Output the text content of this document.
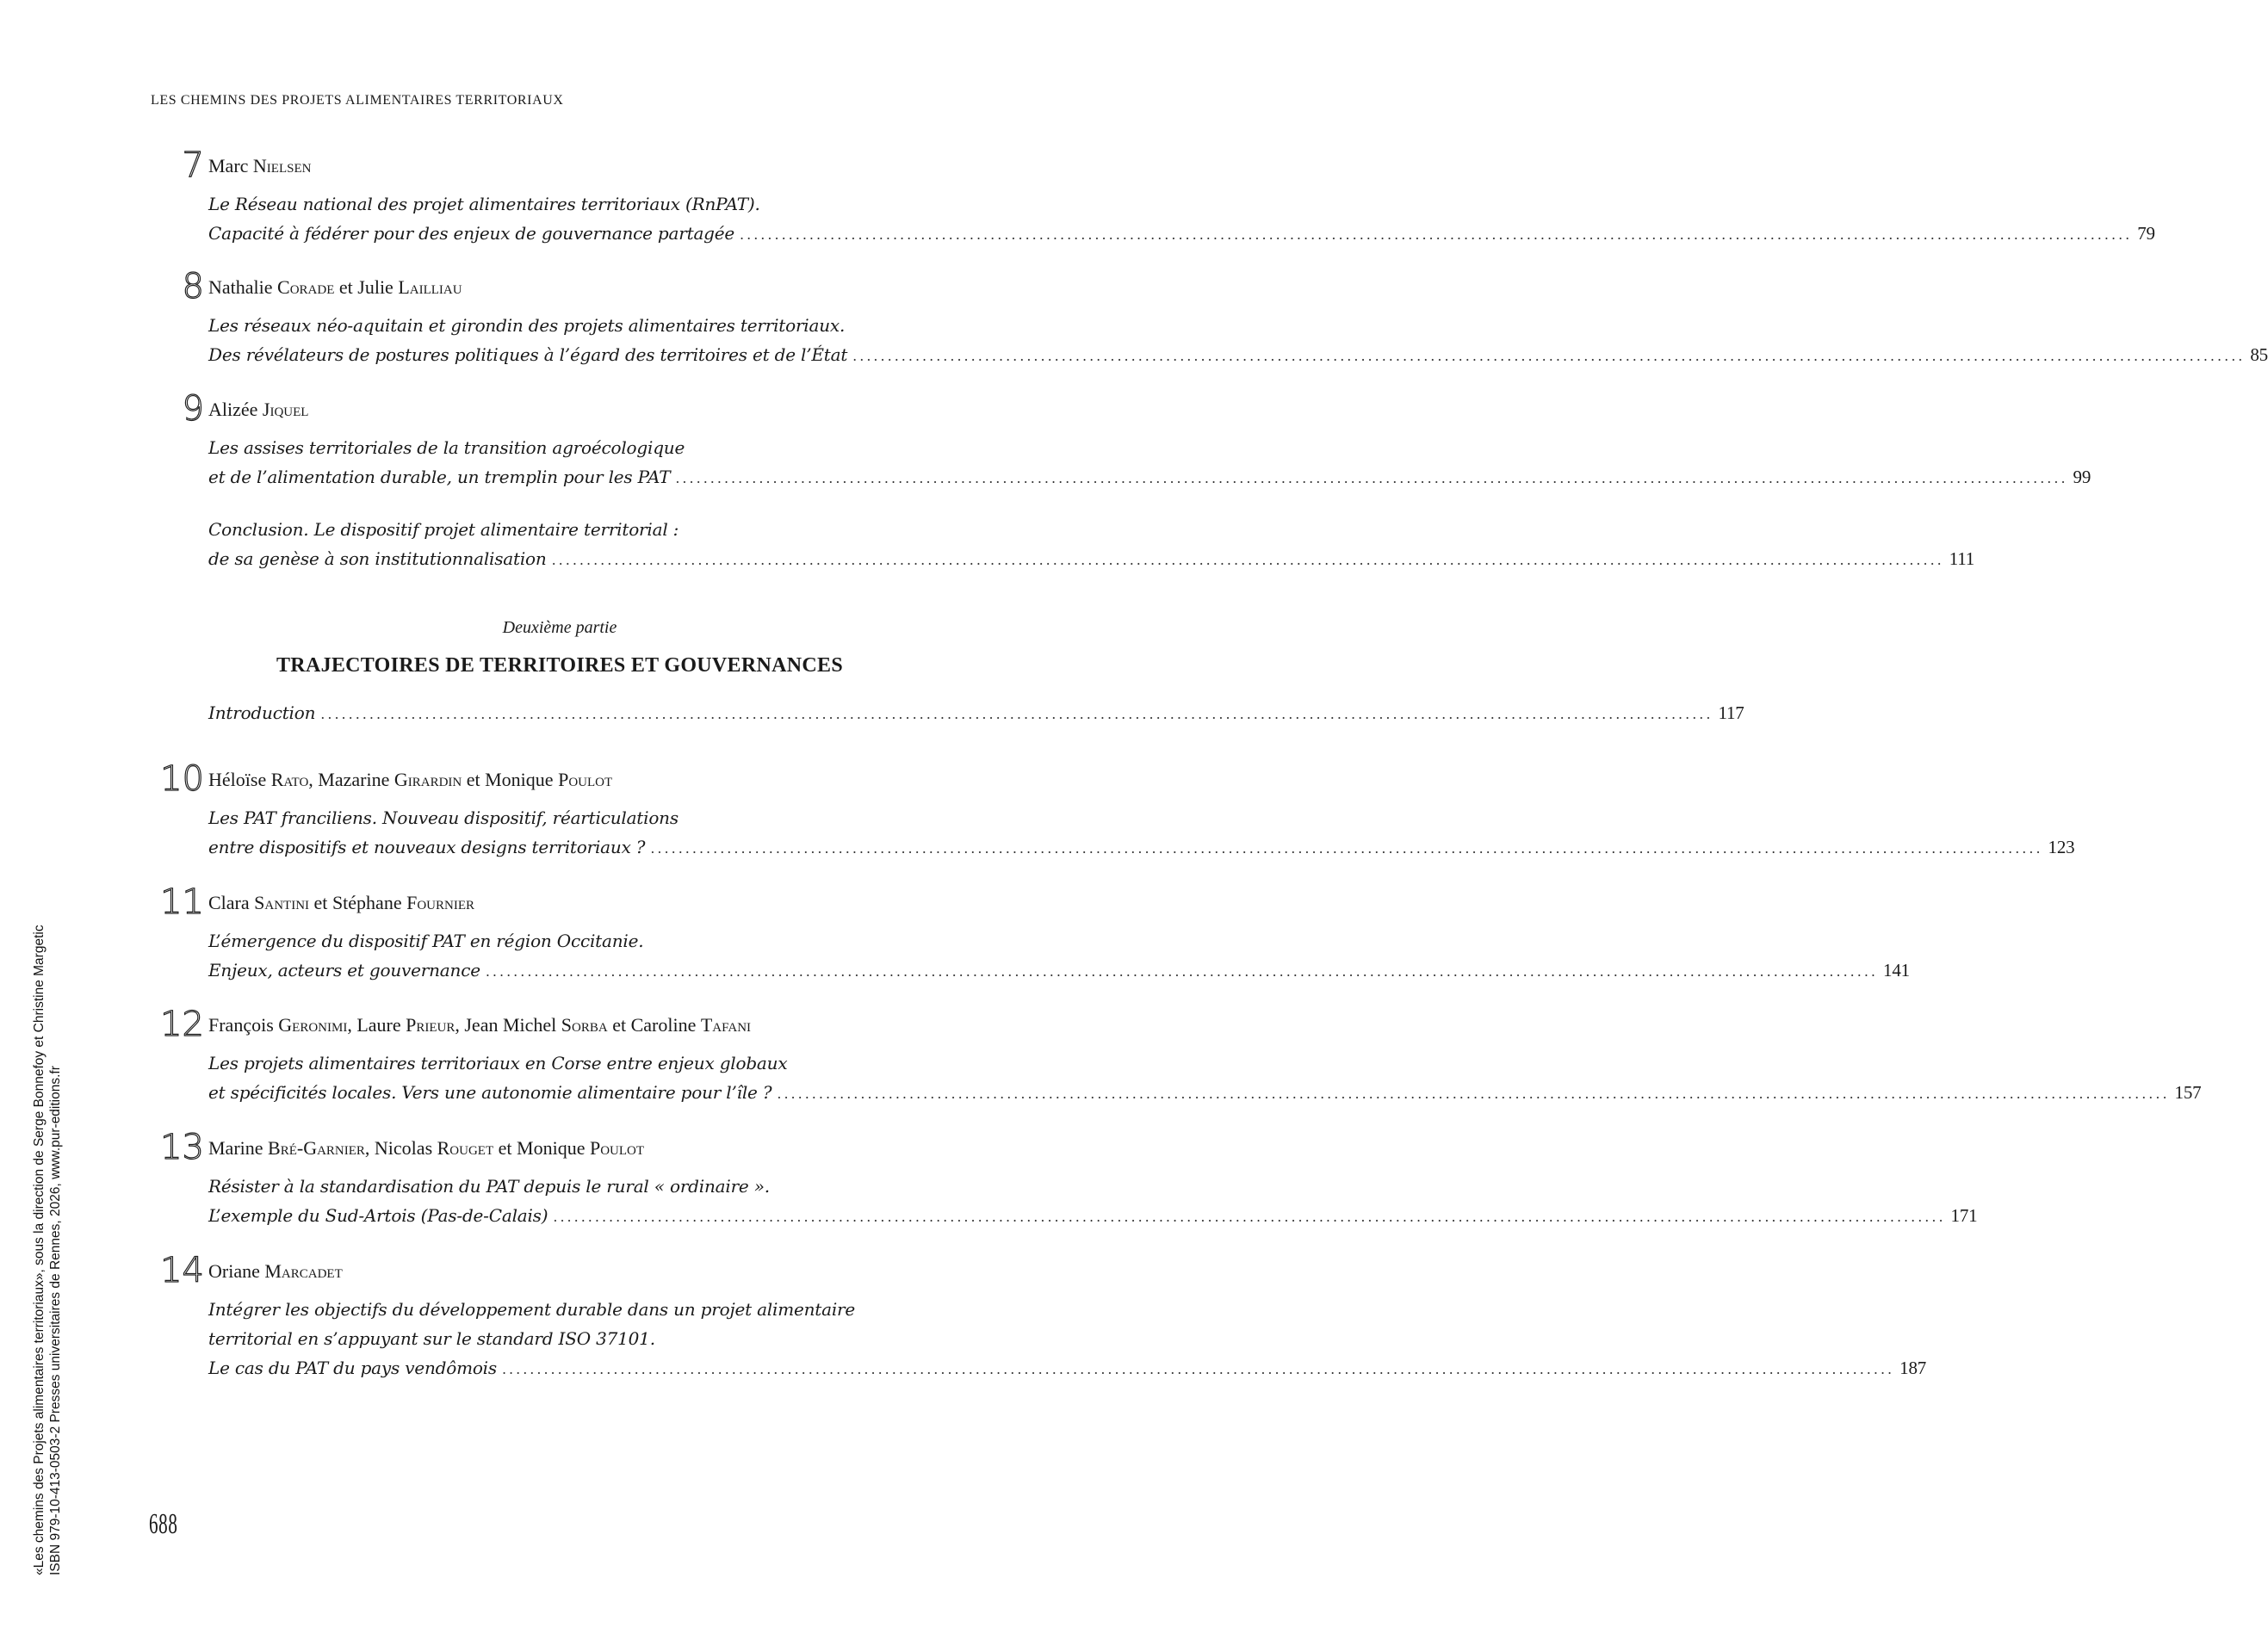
LES CHEMINS DES PROJETS ALIMENTAIRES TERRITORIAUX
7 Marc Nielsen
Le Réseau national des projet alimentaires territoriaux (RnPAT).
Capacité à fédérer pour des enjeux de gouvernance partagée ........................................................................................................................................................................................................ 79
8 Nathalie Corade et Julie Lailliau
Les réseaux néo-aquitain et girondin des projets alimentaires territoriaux.
Des révélateurs de postures politiques à l’égard des territoires et de l’État ........................................................................................................................................................................................................ 85
9 Alizée Jiquel
Les assises territoriales de la transition agroécologique
et de l’alimentation durable, un tremplin pour les PAT ........................................................................................................................................................................................................ 99
Conclusion. Le dispositif projet alimentaire territorial :
de sa genèse à son institutionnalisation ........................................................................................................................................................................................................ 111
Deuxième partie
TRAJECTOIRES DE TERRITOIRES ET GOUVERNANCES
Introduction ........................................................................................................................................................................................................ 117
10 Héloïse Rato, Mazarine Girardin et Monique Poulot
Les PAT franciliens. Nouveau dispositif, réarticulations
entre dispositifs et nouveaux designs territoriaux ? ........................................................................................................................................................................................................ 123
11 Clara Santini et Stéphane Fournier
L’émergence du dispositif PAT en région Occitanie.
Enjeux, acteurs et gouvernance ........................................................................................................................................................................................................ 141
12 François Geronimi, Laure Prieur, Jean Michel Sorba et Caroline Tafani
Les projets alimentaires territoriaux en Corse entre enjeux globaux
et spécificités locales. Vers une autonomie alimentaire pour l’île ? ........................................................................................................................................................................................................ 157
13 Marine Bré-Garnier, Nicolas Rouget et Monique Poulot
Résister à la standardisation du PAT depuis le rural « ordinaire ».
L’exemple du Sud-Artois (Pas-de-Calais) ........................................................................................................................................................................................................ 171
14 Oriane Marcadet
Intégrer les objectifs du développement durable dans un projet alimentaire
territorial en s’appuyant sur le standard ISO 37101.
Le cas du PAT du pays vendômois ........................................................................................................................................................................................................ 187
«Les chemins des Projets alimentaires territoriaux», sous la direction de Serge Bonnefoy et Christine Margetic ISBN 979-10-413-0503-2 Presses universitaires de Rennes, 2026, www.pur-editions.fr	688
